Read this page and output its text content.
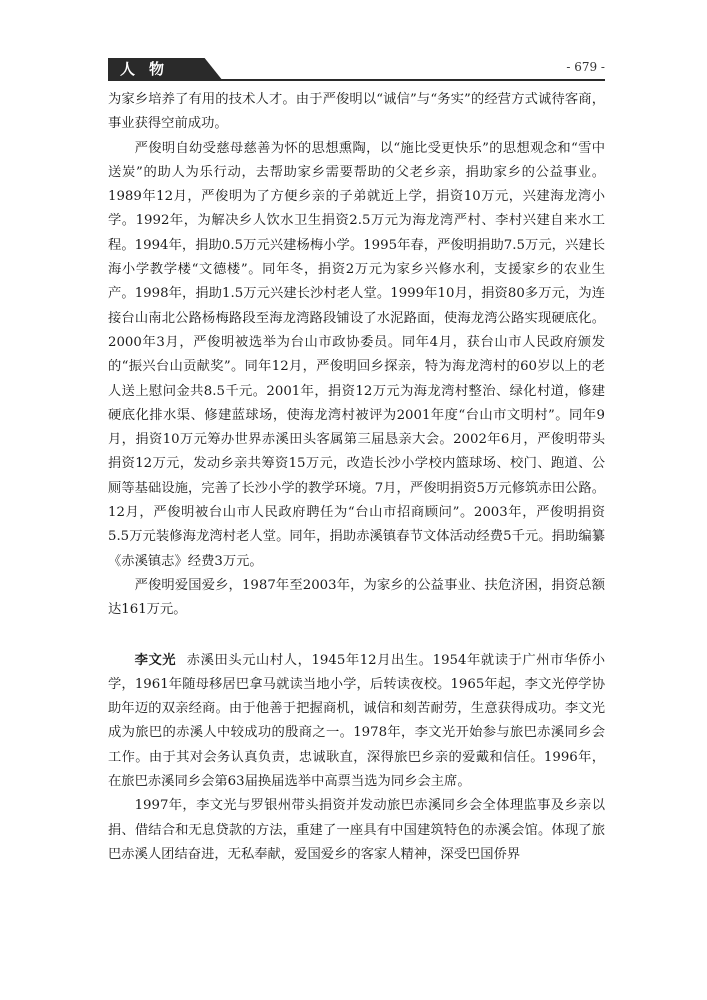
人物	- 679 -

为家乡培养了有用的技术人才。由于严俊明以“诚信”与“务实”的经营方式诚待客商，事业获得空前成功。

严俊明自幼受慈母慈善为怀的思想熏陶，以“施比受更快乐”的思想观念和“雪中送炭”的助人为乐行动，去帮助家乡需要帮助的父老乡亲，捐助家乡的公益事业。1989年12月，严俊明为了方便乡亲的子弟就近上学，捐资10万元，兴建海龙湾小学。1992年，为解决乡人饮水卫生捐资2.5万元为海龙湾严村、李村兴建自来水工程。1994年，捐助0.5万元兴建杨梅小学。1995年春，严俊明捐助7.5万元，兴建长海小学教学楼“文德楼”。同年冬，捐资2万元为家乡兴修水利，支援家乡的农业生产。1998年，捐助1.5万元兴建长沙村老人堂。1999年10月，捐资80多万元，为连接台山南北公路杨梅路段至海龙湾路段铺设了水泥路面，使海龙湾公路实现硬底化。2000年3月，严俊明被选举为台山市政协委员。同年4月，获台山市人民政府颁发的“振兴台山贡献奖”。同年12月，严俊明回乡探亲，特为海龙湾村的60岁以上的老人送上慰问金共8.5千元。2001年，捐资12万元为海龙湾村整治、绿化村道，修建硬底化排水渠、修建蓝球场，使海龙湾村被评为2001年度“台山市文明村”。同年9月，捐资10万元筹办世界赤溪田头客属第三届恳亲大会。2002年6月，严俊明带头捐资12万元，发动乡亲共筹资15万元，改造长沙小学校内篮球场、校门、跑道、公厕等基础设施，完善了长沙小学的教学环境。7月，严俊明捐资5万元修筑赤田公路。12月，严俊明被台山市人民政府聘任为“台山市招商顾问”。2003年，严俊明捐资5.5万元装修海龙湾村老人堂。同年，捐助赤溪镇春节文体活动经费5千元。捐助编纂《赤溪镇志》经费3万元。

严俊明爱国爱乡，1987年至2003年，为家乡的公益事业、扶危济困，捐资总额达161万元。

李文光 赤溪田头元山村人，1945年12月出生。1954年就读于广州市华侨小学，1961年随母移居巴拿马就读当地小学，后转读夜校。1965年起，李文光停学协助年迈的双亲经商。由于他善于把握商机，诚信和刻苦耐劳，生意获得成功。李文光成为旅巴的赤溪人中较成功的殷商之一。1978年，李文光开始参与旅巴赤溪同乡会工作。由于其对会务认真负责，忠诚耿直，深得旅巴乡亲的爱戴和信任。1996年，在旅巴赤溪同乡会第63届换届选举中高票当选为同乡会主席。

1997年，李文光与罗银州带头捐资并发动旅巴赤溪同乡会全体理监事及乡亲以捐、借结合和无息贷款的方法，重建了一座具有中国建筑特色的赤溪会馆。体现了旅巴赤溪人团结奋进，无私奉献，爱国爱乡的客家人精神，深受巴国侨界
